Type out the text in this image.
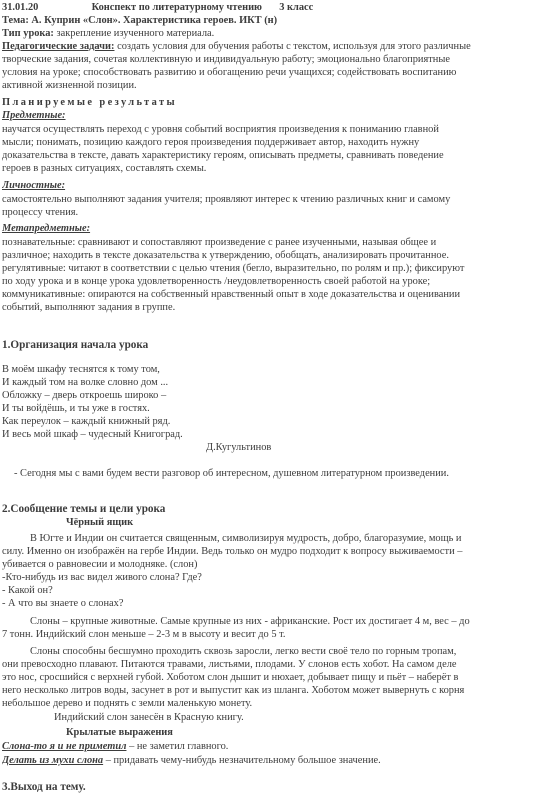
31.01.20	Конспект по литературному чтению 3 класс
Тема: А. Куприн «Слон». Характеристика героев. ИКТ (н)
Тип урока: закрепление изученного материала.
Педагогические задачи: создать условия для обучения работы с текстом, используя для этого различные
творческие задания, сочетая коллективную и индивидуальную работу; эмоционально благоприятные
условия на уроке; способствовать развитию и обогащению речи учащихся; содействовать воспитанию
активной жизненной позиции.
Планируемые результаты
Предметные:
научатся осуществлять переход с уровня событий восприятия произведения к пониманию главной
мысли; понимать, позицию каждого героя произведения поддерживает автор, находить нужну
доказательства в тексте, давать характеристику героям, описывать предметы, сравнивать поведение
героев в разных ситуациях, составлять схемы.
Личностные:
самостоятельно выполняют задания учителя; проявляют интерес к чтению различных книг и самому
процессу чтения.
Метапредметные:
познавательные: сравнивают и сопоставляют произведение с ранее изученными, называя общее и
различное; находить в тексте доказательства к утверждению, обобщать, анализировать прочитанное.
регулятивные: читают в соответствии с целью чтения (бегло, выразительно, по ролям и пр.); фиксируют
по ходу урока и в конце урока удовлетворенность /неудовлетворенность своей работой на уроке;
коммуникативные: опираются на собственный нравственный опыт в ходе доказательства и оценивании
событий, выполняют задания в группе.
1.Организация начала урока
В моём шкафу теснятся к тому том,
И каждый том на волке словно дом ...
Обложку – дверь откроешь широко –
И ты войдёшь, и ты уже в гостях.
Как переулок – каждый книжный ряд.
И весь мой шкаф – чудесный Книгоград.
Д.Кугультинов
- Сегодня мы с вами будем вести разговор об интересном, душевном литературном произведении.
2.Сообщение темы и цели урока
Чёрный ящик
В Югте и Индии он считается священным, символизируя мудрость, добро, благоразумие, мощь и
силу. Именно он изображён на гербе Индии. Ведь только он мудро подходит к вопросу выживаемости –
убивается о равновесии и молодняке. (слон)
-Кто-нибудь из вас видел живого слона? Где?
- Какой он?
- А что вы знаете о слонах?
Слоны – крупные животные. Самые крупные из них - африканские. Рост их достигает 4 м, вес – до
7 тонн. Индийский слон меньше – 2-3 м в высоту и весит до 5 т.
Слоны способны бесшумно проходить сквозь заросли, легко вести своё тело по горным тропам,
они превосходно плавают. Питаются травами, листьями, плодами. У слонов есть хобот. На самом деле
это нос, сросшийся с верхней губой. Хоботом слон дышит и нюхает, добывает пищу и пьёт – наберёт в
него несколько литров воды, засунет в рот и выпустит как из шланга. Хоботом может вывернуть с корня
небольшое дерево и поднять с земли маленькую монету.
Индийский слон занесён в Красную книгу.
Крылатые выражения
Слона-то я и не приметил – не заметил главного.
Делать из мухи слона – придавать чему-нибудь незначительному большое значение.
3.Выход на тему.
